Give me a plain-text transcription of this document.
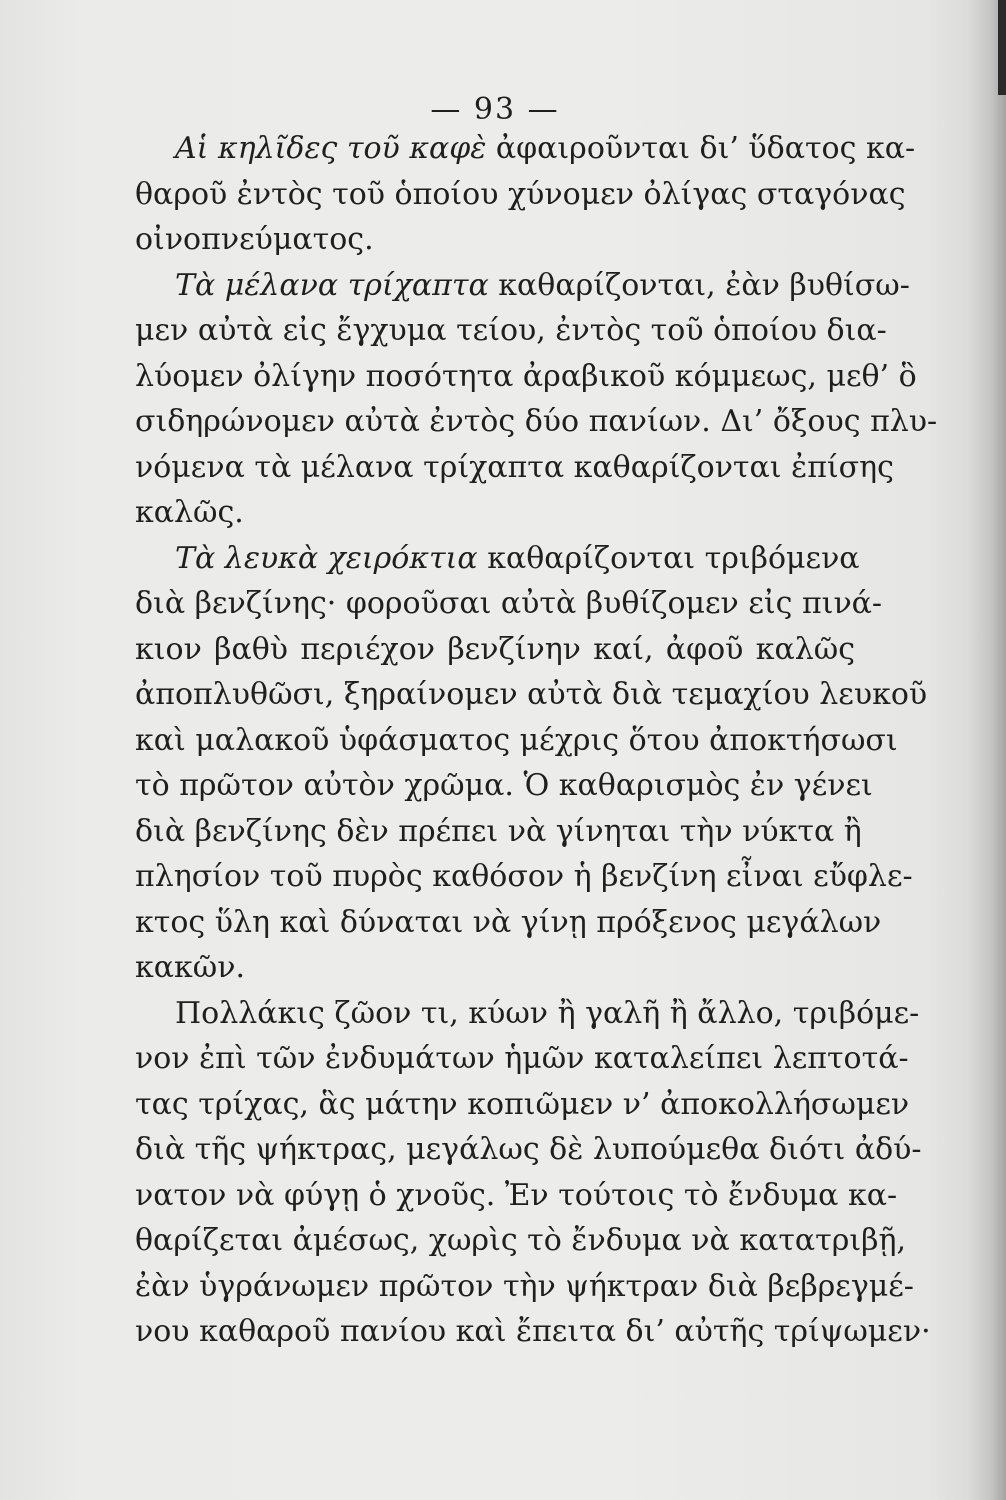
— 93 —
Αἱ κηλῖδες τοῦ καφὲ ἀφαιροῦνται δι’ ὕδατος κα-
θαροῦ ἐντὸς τοῦ ὁποίου χύνομεν ὀλίγας σταγόνας
οἰνοπνεύματος.
Τὰ μέλανα τρίχαπτα καθαρίζονται, ἐὰν βυθίσω-
μεν αὐτὰ εἰς ἔγχυμα τείου, ἐντὸς τοῦ ὁποίου δια-
λύομεν ὀλίγην ποσότητα ἀραβικοῦ κόμμεως, μεθ’ ὃ
σιδηρώνομεν αὐτὰ ἐντὸς δύο πανίων. Δι’ ὄξους πλυ-
νόμενα τὰ μέλανα τρίχαπτα καθαρίζονται ἐπίσης
καλῶς.
Τὰ λευκὰ χειρόκτια καθαρίζονται τριβόμενα
διὰ βενζίνης· φοροῦσαι αὐτὰ βυθίζομεν εἰς πινά-
κιον βαθὺ περιέχον βενζίνην καί, ἀφοῦ καλῶς
ἀποπλυθῶσι, ξηραίνομεν αὐτὰ διὰ τεμαχίου λευκοῦ
καὶ μαλακοῦ ὑφάσματος μέχρις ὅτου ἀποκτήσωσι
τὸ πρῶτον αὐτὸν χρῶμα. Ὁ καθαρισμὸς ἐν γένει
διὰ βενζίνης δὲν πρέπει νὰ γίνηται τὴν νύκτα ἢ
πλησίον τοῦ πυρὸς καθόσον ἡ βενζίνη εἶναι εὔφλε-
κτος ὕλη καὶ δύναται νὰ γίνῃ πρόξενος μεγάλων
κακῶν.
Πολλάκις ζῶον τι, κύων ἢ γαλῆ ἢ ἄλλο, τριβόμε-
νον ἐπὶ τῶν ἐνδυμάτων ἡμῶν καταλείπει λεπτοτά-
τας τρίχας, ἃς μάτην κοπιῶμεν ν’ ἀποκολλήσωμεν
διὰ τῆς ψήκτρας, μεγάλως δὲ λυπούμεθα διότι ἀδύ-
νατον νὰ φύγῃ ὁ χνοῦς. Ἐν τούτοις τὸ ἔνδυμα κα-
θαρίζεται ἀμέσως, χωρὶς τὸ ἔνδυμα νὰ κατατριβῇ,
ἐὰν ὑγράνωμεν πρῶτον τὴν ψήκτραν διὰ βεβρεγμέ-
νου καθαροῦ πανίου καὶ ἔπειτα δι’ αὐτῆς τρίψωμεν·
